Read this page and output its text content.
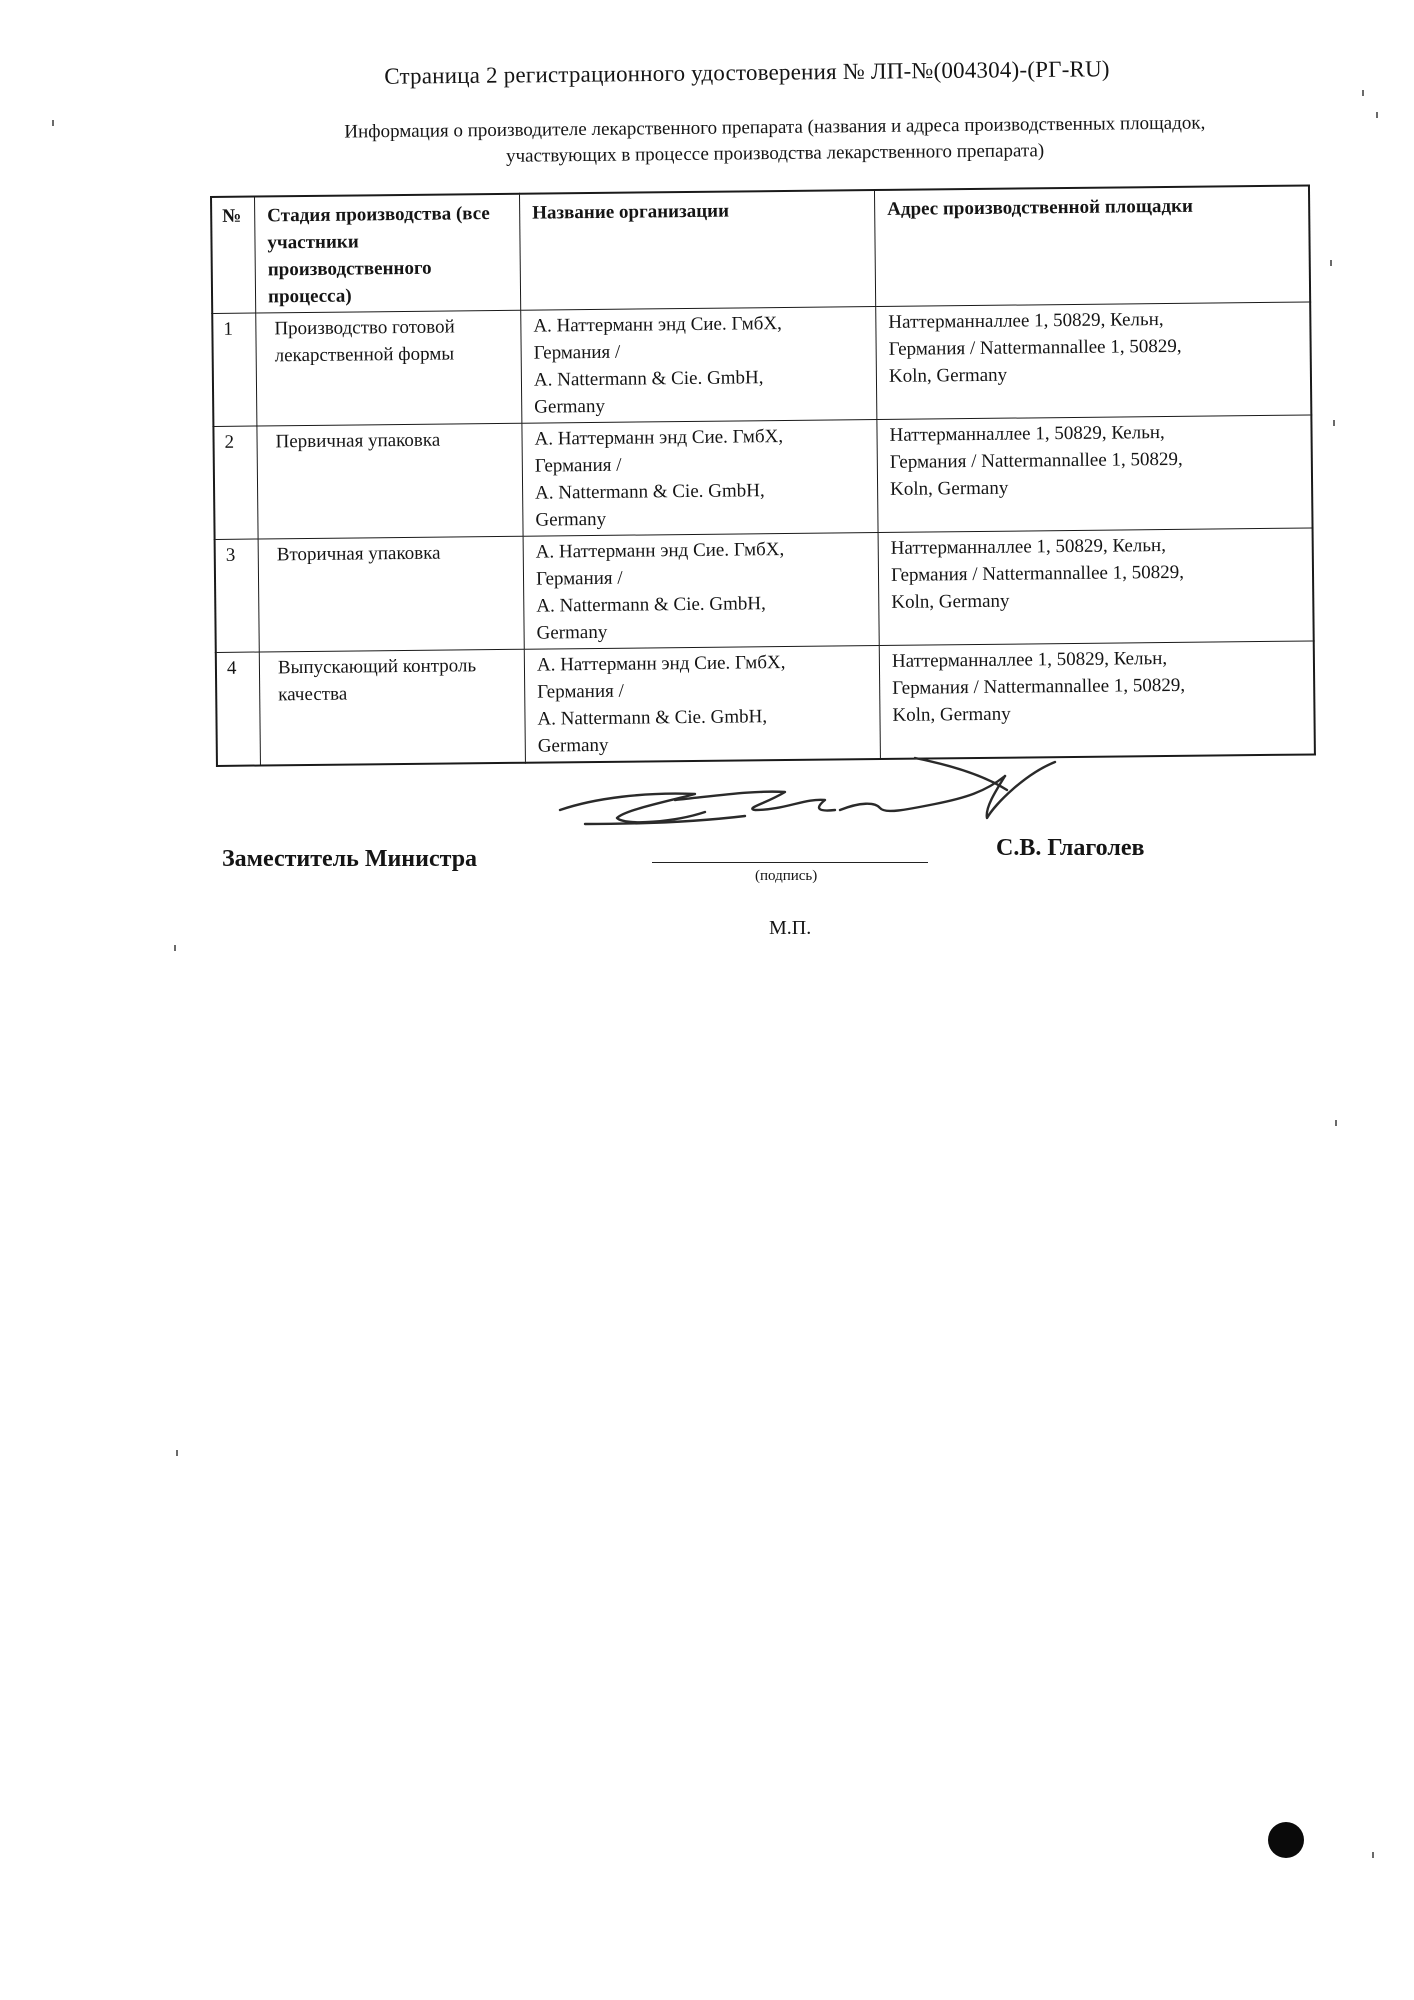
Страница 2 регистрационного удостоверения № ЛП-№(004304)-(РГ-RU)
Информация о производителе лекарственного препарата (названия и адреса производственных площадок,
участвующих в процессе производства лекарственного препарата)
№	Стадия производства (все участники производственного процесса)	Название организации	Адрес производственной площадки
1	Производство готовой лекарственной формы	А. Наттерманн энд Сие. ГмбХ,
Германия /
A. Nattermann & Cie. GmbH,
Germany	Наттерманналлее 1, 50829, Кельн,
Германия / Nattermannallee 1, 50829,
Koln, Germany

2	Первичная упаковка	А. Наттерманн энд Сие. ГмбХ,
Германия /
A. Nattermann & Cie. GmbH,
Germany	Наттерманналлее 1, 50829, Кельн,
Германия / Nattermannallee 1, 50829,
Koln, Germany

3	Вторичная упаковка	А. Наттерманн энд Сие. ГмбХ,
Германия /
A. Nattermann & Cie. GmbH,
Germany	Наттерманналлее 1, 50829, Кельн,
Германия / Nattermannallee 1, 50829,
Koln, Germany

4	Выпускающий контроль качества	А. Наттерманн энд Сие. ГмбХ,
Германия /
A. Nattermann & Cie. GmbH,
Germany	Наттерманналлее 1, 50829, Кельн,
Германия / Nattermannallee 1, 50829,
Koln, Germany
Заместитель Министра	С.В. Глаголев
(подпись)
М.П.
